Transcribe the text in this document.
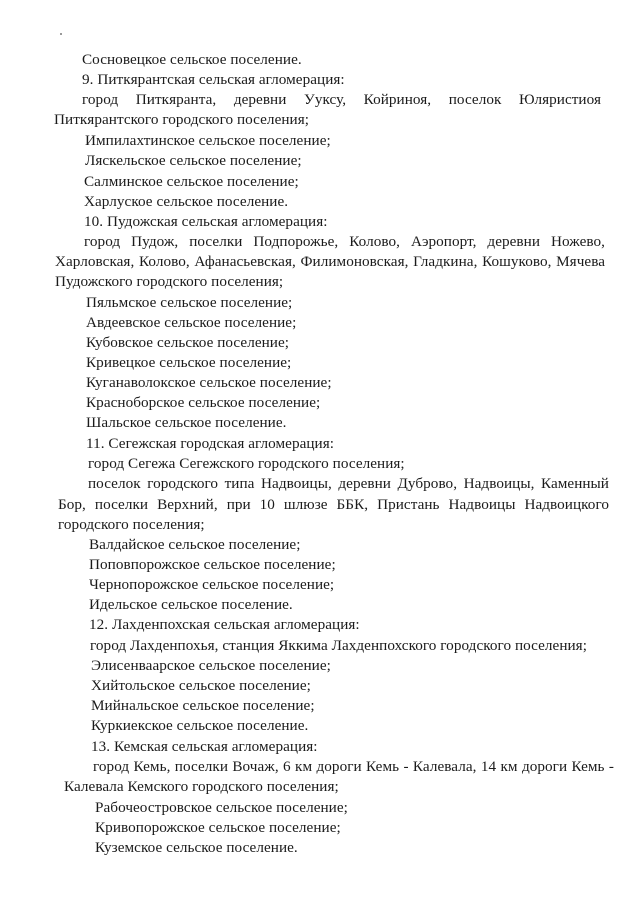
Сосновецкое сельское поселение.
9. Питкярантская сельская агломерация:
город Питкяранта, деревни Ууксу, Койриноя, поселок Юляристиоя
Питкярантского городского поселения;
Импилахтинское сельское поселение;
Ляскельское сельское поселение;
Салминское сельское поселение;
Харлуское сельское поселение.
10. Пудожская сельская агломерация:
город Пудож, поселки Подпорожье, Колово, Аэропорт, деревни Ножево,
Харловская, Колово, Афанасьевская, Филимоновская, Гладкина, Кошуково, Мячева
Пудожского городского поселения;
Пяльмское сельское поселение;
Авдеевское сельское поселение;
Кубовское сельское поселение;
Кривецкое сельское поселение;
Куганаволокское сельское поселение;
Красноборское сельское поселение;
Шальское сельское поселение.
11. Сегежская городская агломерация:
город Сегежа Сегежского городского поселения;
поселок городского типа Надвоицы, деревни Дуброво, Надвоицы, Каменный
Бор, поселки Верхний, при 10 шлюзе ББК, Пристань Надвоицы Надвоицкого
городского поселения;
Валдайское сельское поселение;
Поповпорожское сельское поселение;
Чернопорожское сельское поселение;
Идельское сельское поселение.
12. Лахденпохская сельская агломерация:
город Лахденпохья, станция Яккима Лахденпохского городского поселения;
Элисенваарское сельское поселение;
Хийтольское сельское поселение;
Мийнальское сельское поселение;
Куркиекское сельское поселение.
13. Кемская сельская агломерация:
город Кемь, поселки Вочаж, 6 км дороги Кемь - Калевала, 14 км дороги Кемь -
Калевала Кемского городского поселения;
Рабочеостровское сельское поселение;
Кривопорожское сельское поселение;
Куземское сельское поселение.
